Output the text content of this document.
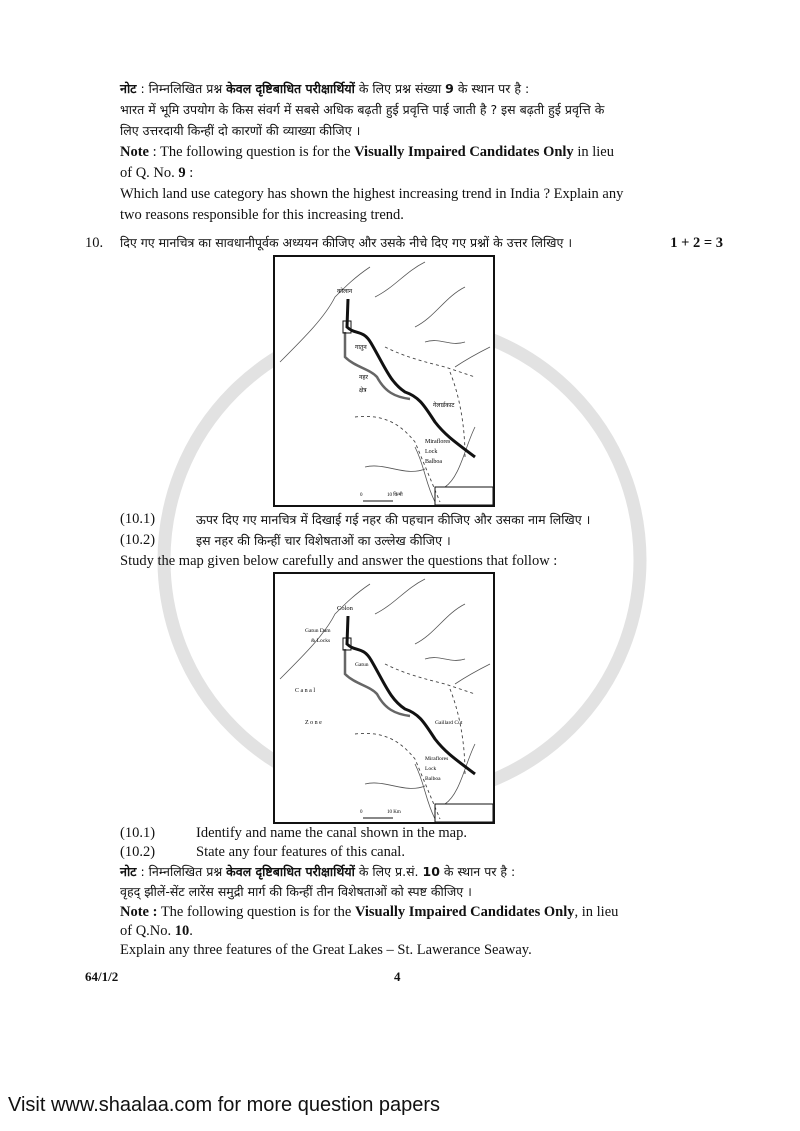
नोट : निम्नलिखित प्रश्न केवल दृष्टिबाधित परीक्षार्थियों के लिए प्रश्न संख्या 9 के स्थान पर है :
भारत में भूमि उपयोग के किस संवर्ग में सबसे अधिक बढ़ती हुई प्रवृत्ति पाई जाती है ? इस बढ़ती हुई प्रवृत्ति के
लिए उत्तरदायी किन्हीं दो कारणों की व्याख्या कीजिए ।
Note : The following question is for the Visually Impaired Candidates Only in lieu
of Q. No. 9 :
Which land use category has shown the highest increasing trend in India ? Explain any
two reasons responsible for this increasing trend.
10. दिए गए मानचित्र का सावधानीपूर्वक अध्ययन कीजिए और उसके नीचे दिए गए प्रश्नों के उत्तर लिखिए ।	1 + 2 = 3
कोलान
गातुन
नहर
क्षेत्र
गेलार्डकाट
Miraflores
Lock
Balboa
0	10 किमी
(10.1)	ऊपर दिए गए मानचित्र में दिखाई गई नहर की पहचान कीजिए और उसका नाम लिखिए ।
(10.2)	इस नहर की किन्हीं चार विशेषताओं का उल्लेख कीजिए ।
Study the map given below carefully and answer the questions that follow :
Colon
Gatun Dam
& Locks
Gatun
C a n a l
Z o n e	Gaillard Cut
Miraflores
Lock
Balboa
0	10 Km
(10.1)	Identify and name the canal shown in the map.
(10.2)	State any four features of this canal.
नोट : निम्नलिखित प्रश्न केवल दृष्टिबाधित परीक्षार्थियों के लिए प्र.सं. 10 के स्थान पर है :
वृहद् झीलें-सेंट लारेंस समुद्री मार्ग की किन्हीं तीन विशेषताओं को स्पष्ट कीजिए ।
Note : The following question is for the Visually Impaired Candidates Only, in lieu
of Q.No. 10.
Explain any three features of the Great Lakes – St. Lawerance Seaway.
64/1/2	4
Visit www.shaalaa.com for more question papers
